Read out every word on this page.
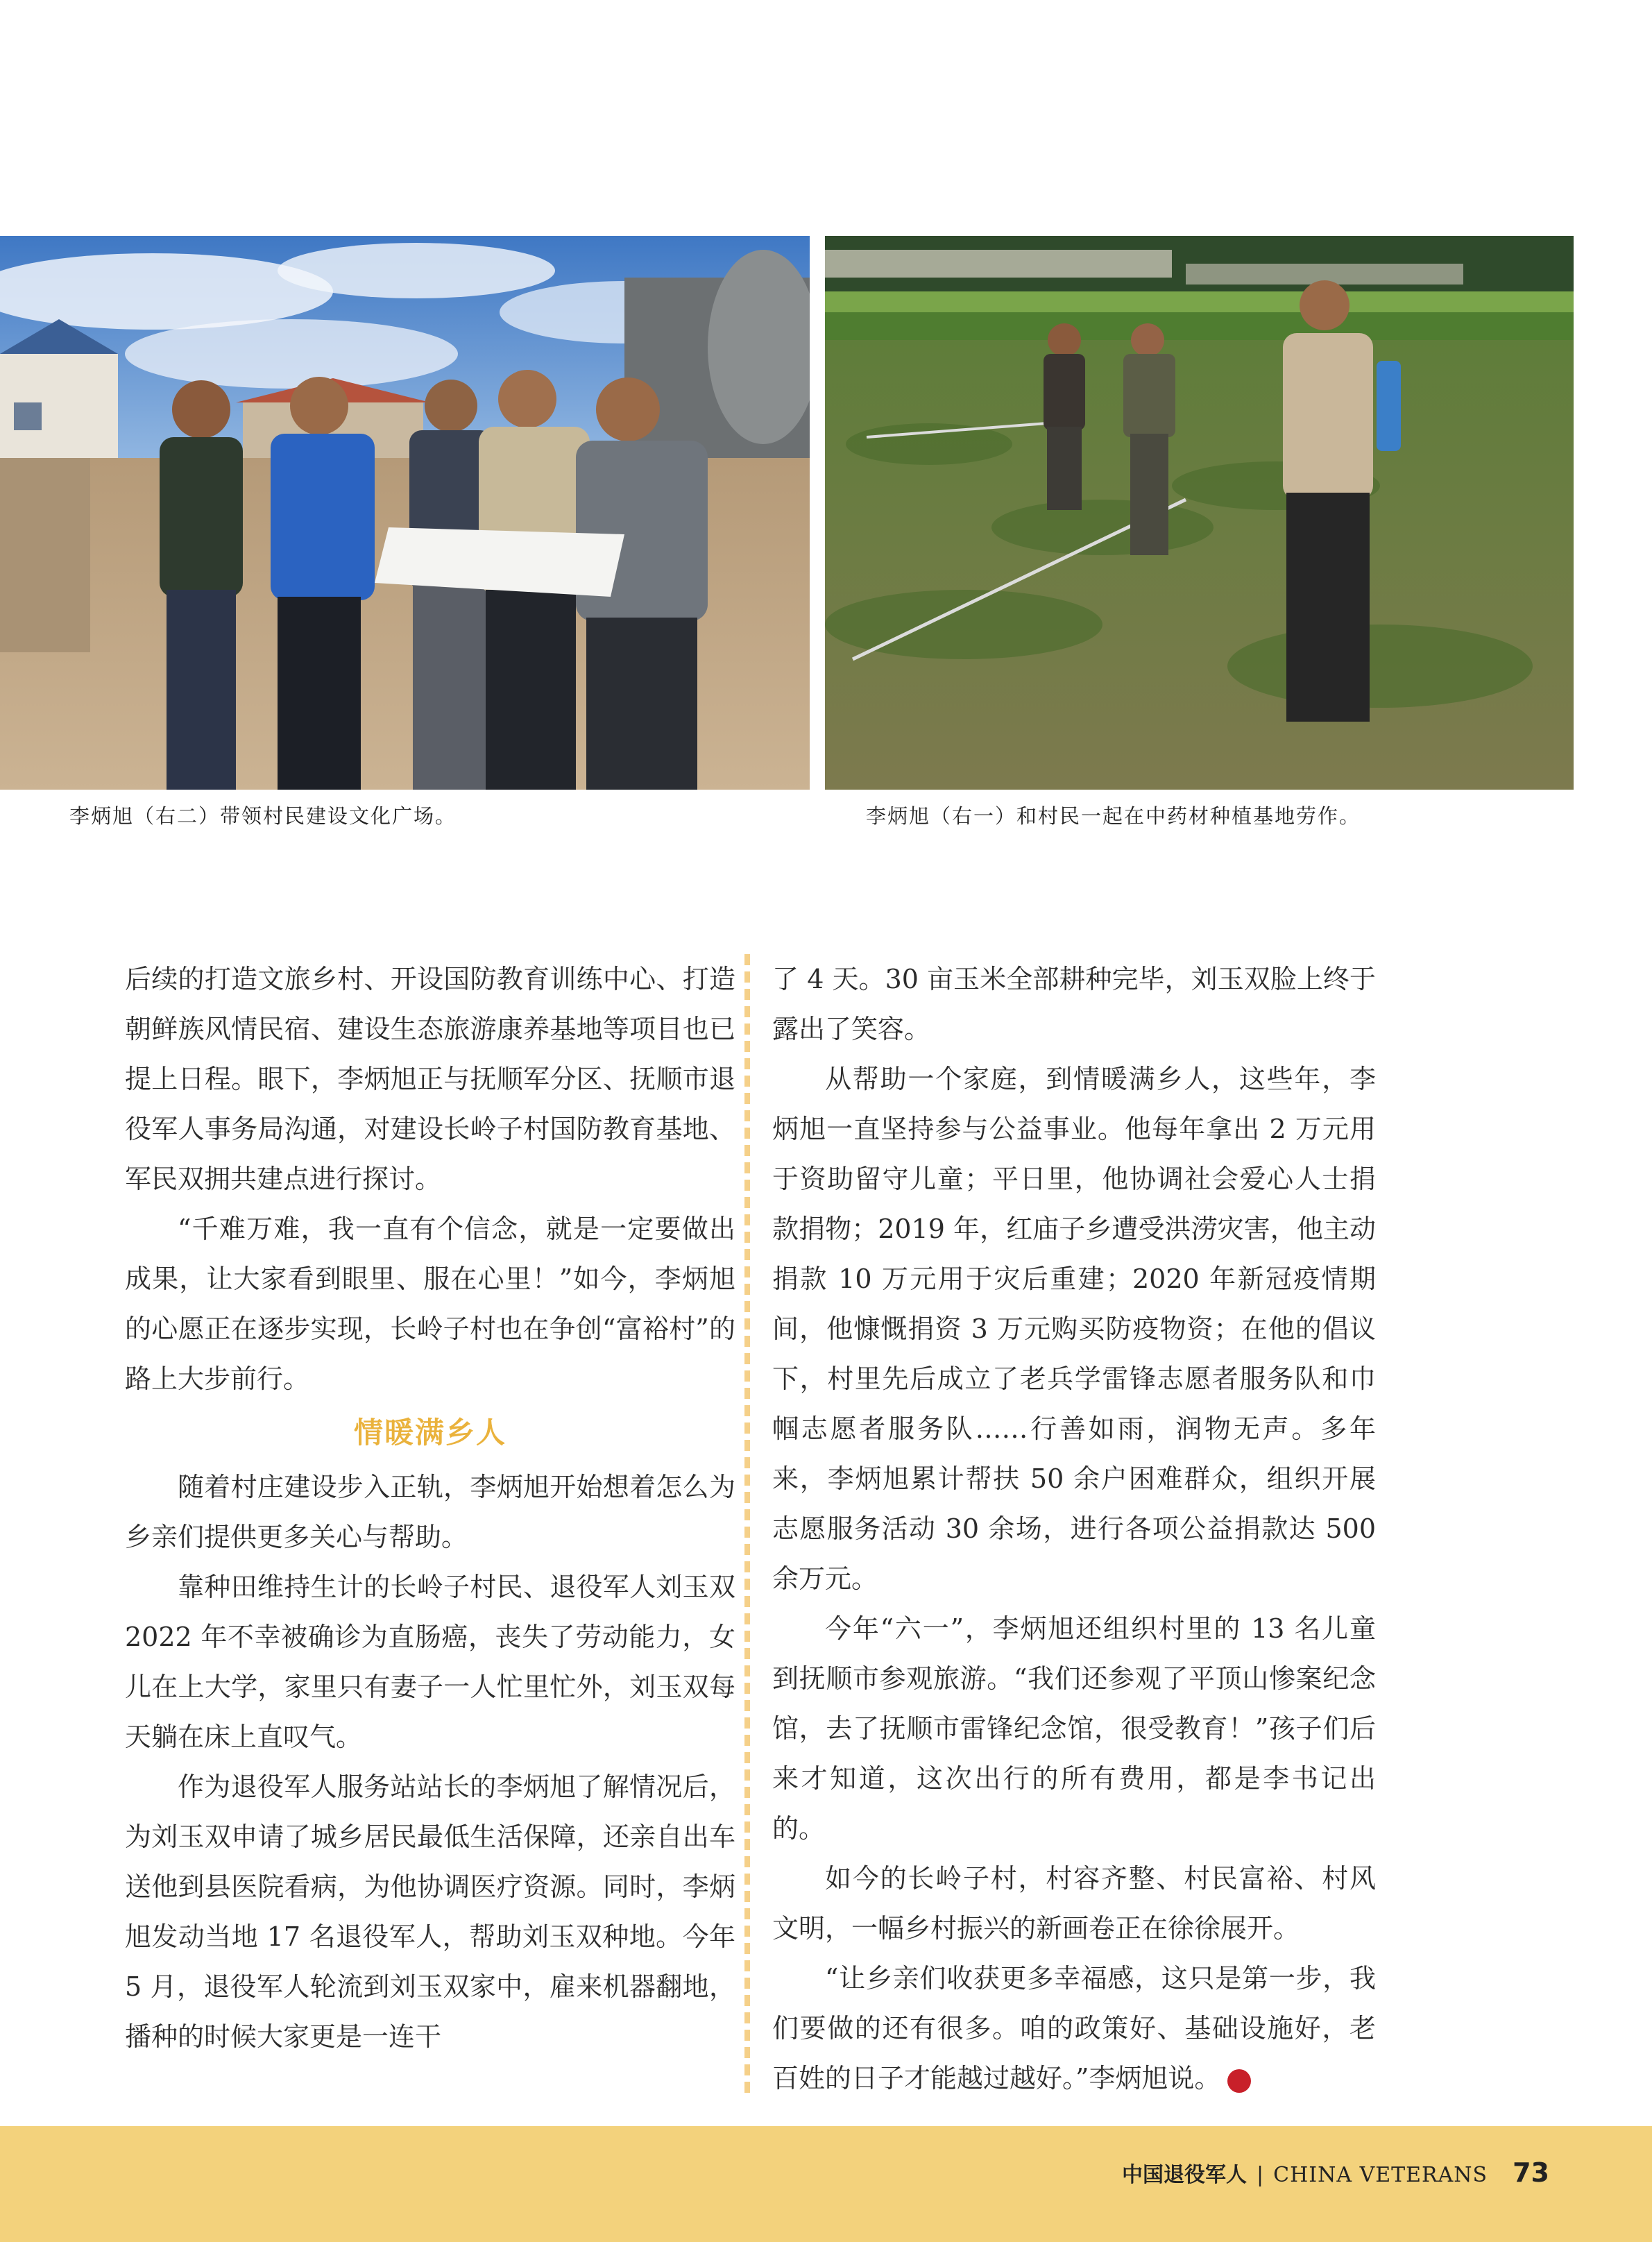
李炳旭（右二）带领村民建设文化广场。	李炳旭（右一）和村民一起在中药材种植基地劳作。

后续的打造文旅乡村、开设国防教育训练中心、打造朝鲜族风情民宿、建设生态旅游康养基地等项目也已提上日程。眼下，李炳旭正与抚顺军分区、抚顺市退役军人事务局沟通，对建设长岭子村国防教育基地、军民双拥共建点进行探讨。

“千难万难，我一直有个信念，就是一定要做出成果，让大家看到眼里、服在心里！”如今，李炳旭的心愿正在逐步实现，长岭子村也在争创“富裕村”的路上大步前行。

情暖满乡人

随着村庄建设步入正轨，李炳旭开始想着怎么为乡亲们提供更多关心与帮助。

靠种田维持生计的长岭子村民、退役军人刘玉双 2022 年不幸被确诊为直肠癌，丧失了劳动能力，女儿在上大学，家里只有妻子一人忙里忙外，刘玉双每天躺在床上直叹气。

作为退役军人服务站站长的李炳旭了解情况后，为刘玉双申请了城乡居民最低生活保障，还亲自出车送他到县医院看病，为他协调医疗资源。同时，李炳旭发动当地 17 名退役军人，帮助刘玉双种地。今年 5 月，退役军人轮流到刘玉双家中，雇来机器翻地，播种的时候大家更是一连干

了 4 天。30 亩玉米全部耕种完毕，刘玉双脸上终于露出了笑容。

从帮助一个家庭，到情暖满乡人，这些年，李炳旭一直坚持参与公益事业。他每年拿出 2 万元用于资助留守儿童；平日里，他协调社会爱心人士捐款捐物；2019 年，红庙子乡遭受洪涝灾害，他主动捐款 10 万元用于灾后重建；2020 年新冠疫情期间，他慷慨捐资 3 万元购买防疫物资；在他的倡议下，村里先后成立了老兵学雷锋志愿者服务队和巾帼志愿者服务队……行善如雨，润物无声。多年来，李炳旭累计帮扶 50 余户困难群众，组织开展志愿服务活动 30 余场，进行各项公益捐款达 500 余万元。

今年“六一”，李炳旭还组织村里的 13 名儿童到抚顺市参观旅游。“我们还参观了平顶山惨案纪念馆，去了抚顺市雷锋纪念馆，很受教育！”孩子们后来才知道，这次出行的所有费用，都是李书记出的。

如今的长岭子村，村容齐整、村民富裕、村风文明，一幅乡村振兴的新画卷正在徐徐展开。

“让乡亲们收获更多幸福感，这只是第一步，我们要做的还有很多。咱的政策好、基础设施好，老百姓的日子才能越过越好。”李炳旭说。	V

中国退役军人 | CHINA VETERANS 73
